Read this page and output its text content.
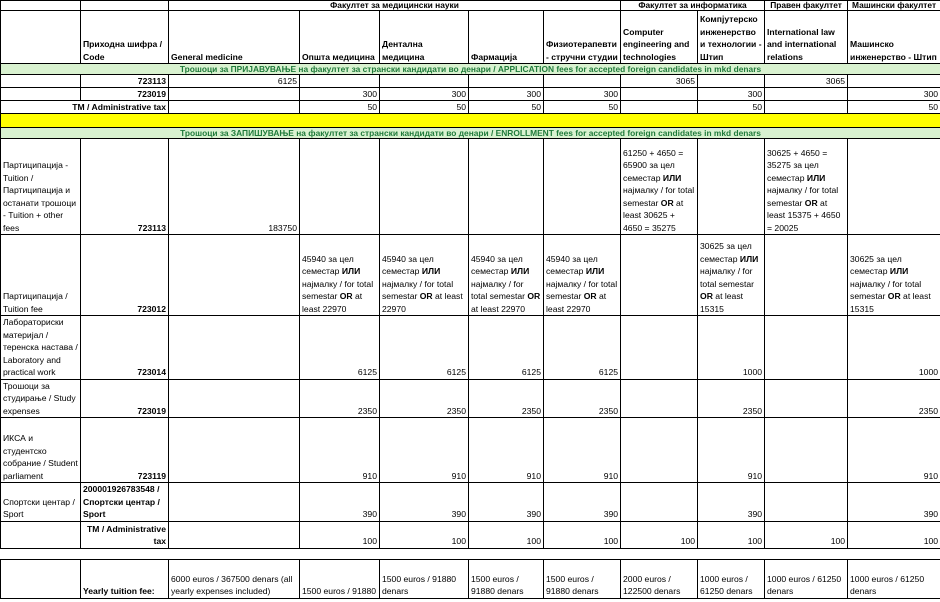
		Факултет за медицински науки					Факултет за информатика		Правен факултет	Машински факултет
	Приходна шифра / Code	General medicine	Општа медицина	Дентална медицина	Фармација	Физиотерапевти - стручни студии	Computer engineering and technologies	Компјутерско инженерство и технологии - Штип	International law and international relations	Машинско инженерство - Штип
Трошоци за ПРИЈАВУВАЊЕ на факултет за странски кандидати во денари / APPLICATION fees for accepted foreign candidates in mkd denars										
	723113	6125					3065		3065	
	723019		300	300	300	300		300		300
TM / Administrative tax			50	50	50	50		50		50

Трошоци за ЗАПИШУВАЊЕ на факултет за странски кандидати во денари / ENROLLMENT fees for accepted foreign candidates in mkd denars										
Партиципација - Tuition / Партиципација и останати трошоци - Tuition + other fees	723113	183750					61250 + 4650 = 65900 за цел семестар ИЛИ најмалку / for total semestar OR at least 30625 + 4650 = 35275		30625 + 4650 = 35275 за цел семестар ИЛИ најмалку / for total semestar OR at least 15375 + 4650 = 20025	
Партиципација / Tuition fee	723012		45940 за цел семестар ИЛИ најмалку / for total semestar OR at least 22970	45940 за цел семестар ИЛИ најмалку / for total semestar OR at least 22970	45940 за цел семестар ИЛИ најмалку / for total semestar OR at least 22970	45940 за цел семестар ИЛИ најмалку / for total semestar OR at least 22970		30625 за цел семестар ИЛИ најмалку / for total semestar OR at least 15315		30625 за цел семестар ИЛИ најмалку / for total semestar OR at least 15315
Лабораториски материјал / теренска настава / Laboratory and practical work	723014		6125	6125	6125	6125		1000		1000
Трошоци за студирање / Study expenses	723019		2350	2350	2350	2350		2350		2350
ИКСА и студентско собрание / Student parliament	723119		910	910	910	910		910		910
Спортски центар / Sport	200001926783548 / Спортски центар / Sport		390	390	390	390		390		390
	TM / Administrative tax		100	100	100	100	100	100	100	100

	Yearly tuition fee:	6000 euros / 367500 denars (all yearly expenses included)	1500 euros / 91880	1500 euros / 91880 denars	1500 euros / 91880 denars	1500 euros / 91880 denars	2000 euros / 122500 denars	1000 euros / 61250 denars	1000 euros / 61250 denars	1000 euros / 61250 denars
